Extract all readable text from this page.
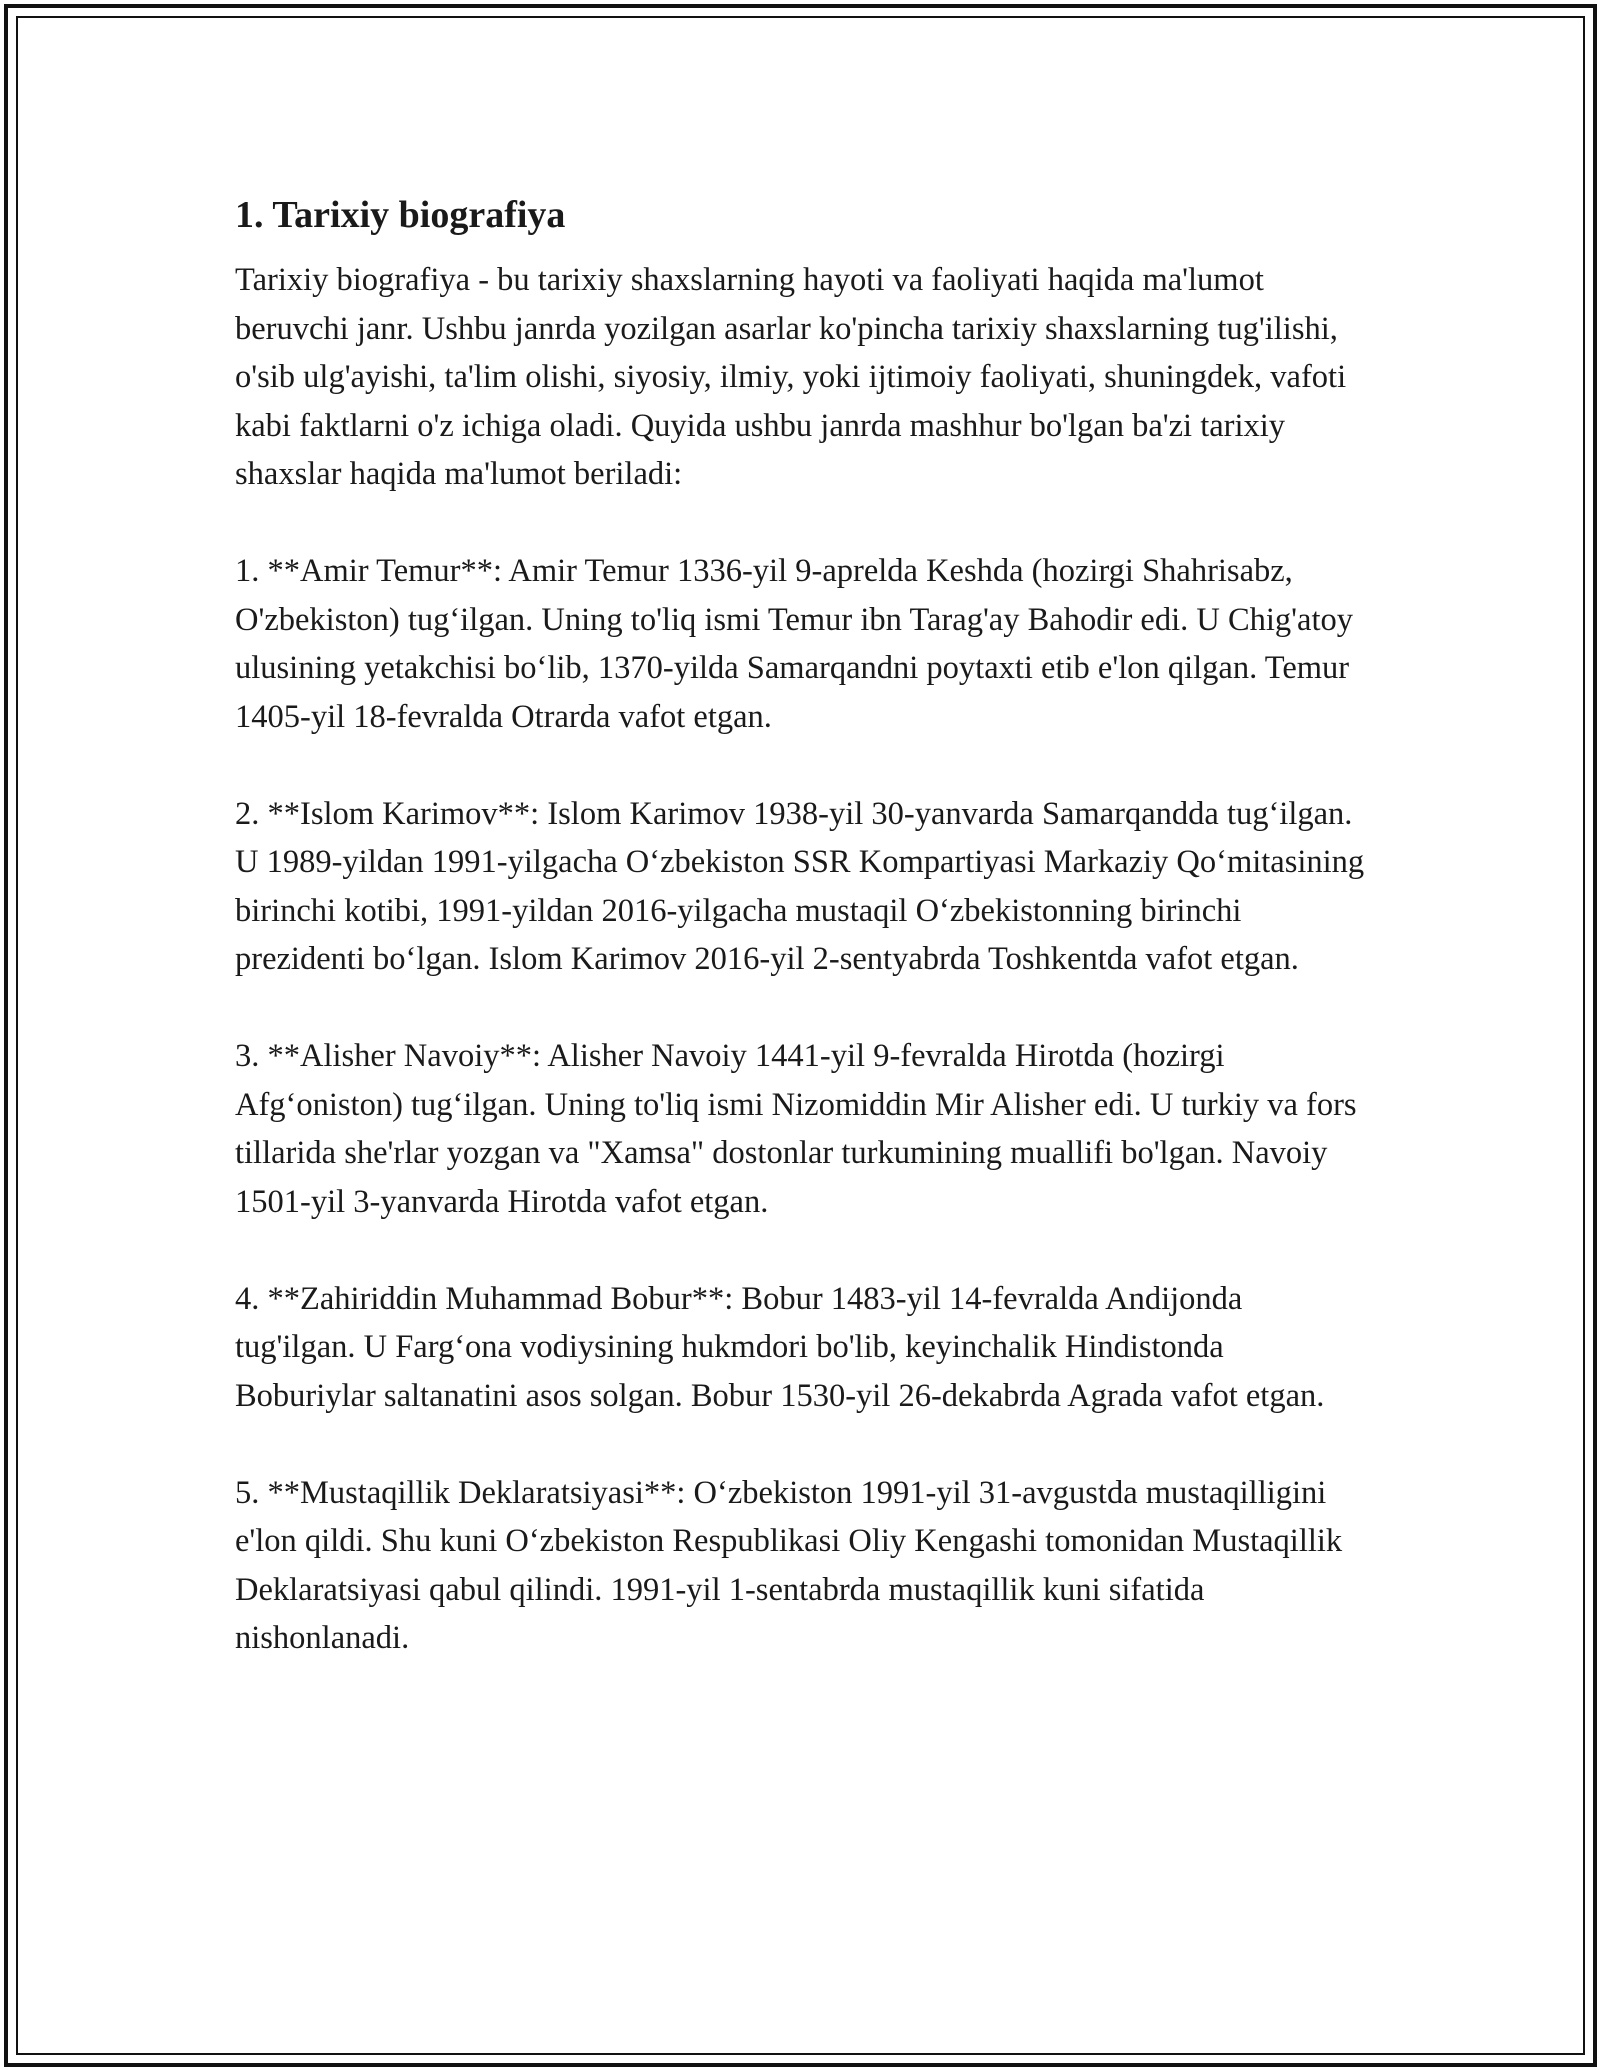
1. Tarixiy biografiya

Tarixiy biografiya - bu tarixiy shaxslarning hayoti va faoliyati haqida ma'lumot beruvchi janr. Ushbu janrda yozilgan asarlar ko'pincha tarixiy shaxslarning tug'ilishi, o'sib ulg'ayishi, ta'lim olishi, siyosiy, ilmiy, yoki ijtimoiy faoliyati, shuningdek, vafoti kabi faktlarni o'z ichiga oladi. Quyida ushbu janrda mashhur bo'lgan ba'zi tarixiy shaxslar haqida ma'lumot beriladi:

1. **Amir Temur**: Amir Temur 1336-yil 9-aprelda Keshda (hozirgi Shahrisabz, O'zbekiston) tug‘ilgan. Uning to'liq ismi Temur ibn Tarag'ay Bahodir edi. U Chig'atoy ulusining yetakchisi bo‘lib, 1370-yilda Samarqandni poytaxti etib e'lon qilgan. Temur 1405-yil 18-fevralda Otrarda vafot etgan.

2. **Islom Karimov**: Islom Karimov 1938-yil 30-yanvarda Samarqandda tug‘ilgan. U 1989-yildan 1991-yilgacha O‘zbekiston SSR Kompartiyasi Markaziy Qo‘mitasining birinchi kotibi, 1991-yildan 2016-yilgacha mustaqil O‘zbekistonning birinchi prezidenti bo‘lgan. Islom Karimov 2016-yil 2-sentyabrda Toshkentda vafot etgan.

3. **Alisher Navoiy**: Alisher Navoiy 1441-yil 9-fevralda Hirotda (hozirgi Afg‘oniston) tug‘ilgan. Uning to'liq ismi Nizomiddin Mir Alisher edi. U turkiy va fors tillarida she'rlar yozgan va "Xamsa" dostonlar turkumining muallifi bo'lgan. Navoiy 1501-yil 3-yanvarda Hirotda vafot etgan.

4. **Zahiriddin Muhammad Bobur**: Bobur 1483-yil 14-fevralda Andijonda tug'ilgan. U Farg‘ona vodiysining hukmdori bo'lib, keyinchalik Hindistonda Boburiylar saltanatini asos solgan. Bobur 1530-yil 26-dekabrda Agrada vafot etgan.

5. **Mustaqillik Deklaratsiyasi**: O‘zbekiston 1991-yil 31-avgustda mustaqilligini e'lon qildi. Shu kuni O‘zbekiston Respublikasi Oliy Kengashi tomonidan Mustaqillik Deklaratsiyasi qabul qilindi. 1991-yil 1-sentabrda mustaqillik kuni sifatida nishonlanadi.
